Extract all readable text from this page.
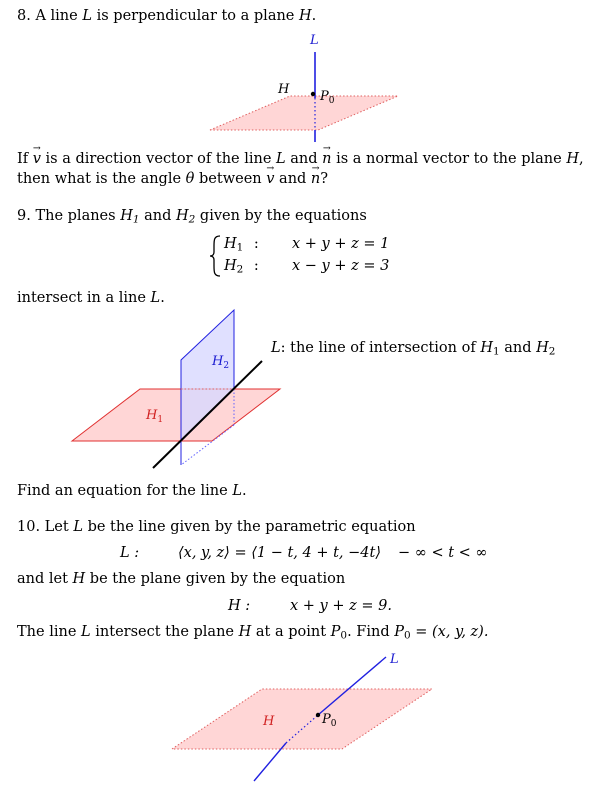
8. A line L is perpendicular to a plane H.
L
H $P_0$
If → v is a direction vector of the line L and → n is a normal vector to the plane H, then what is the angle θ between → v and → n?
9. The planes $H_1$ and $H_2$ given by the equations
$H_1$ : x + y + z = 1
$H_2$ : x − y + z = 3
intersect in a line L.
$H_1$
$H_2$
L: the line of intersection of $H_1$ and $H_2$
Find an equation for the line L.
10. Let L be the line given by the parametric equation
L :	⟨x, y, z⟩ = ⟨1 − t, 4 + t, −4t⟩ − ∞ < t < ∞
and let H be the plane given by the equation
H :	x + y + z = 9.
The line L intersect the plane H at a point $P_0$. Find $P_0 = (x$, y, z).
L
H	$P_0$
